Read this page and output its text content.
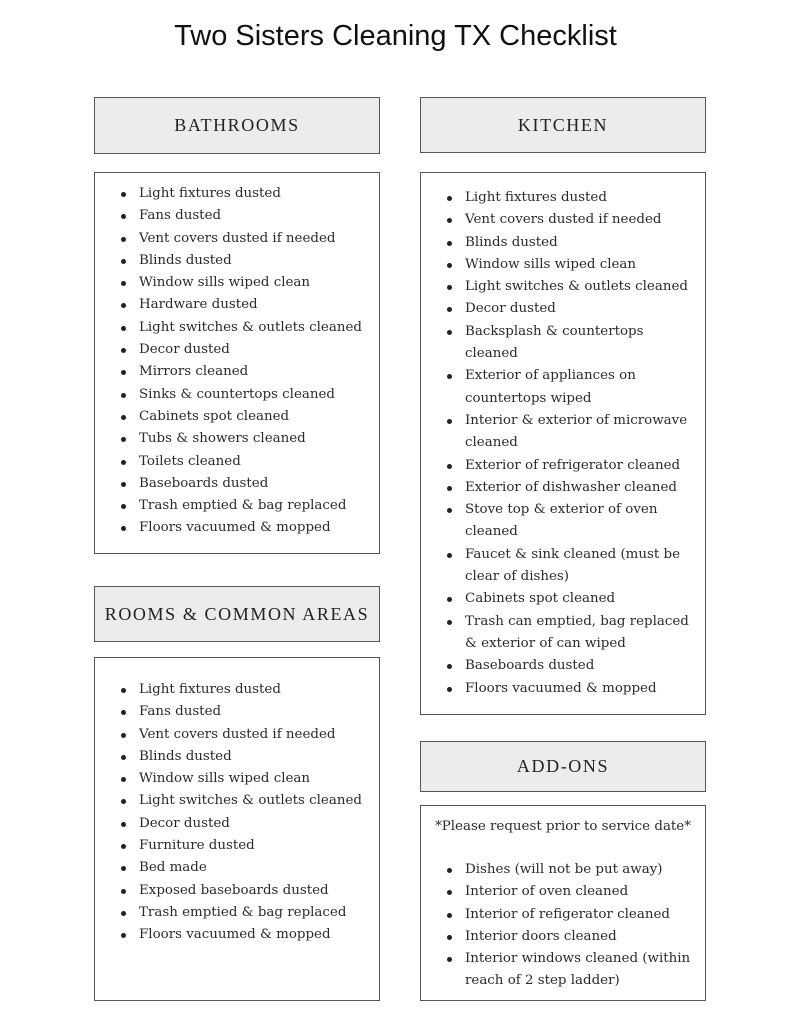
Two Sisters Cleaning TX Checklist
BATHROOMS
Light fixtures dusted
Fans dusted
Vent covers dusted if needed
Blinds dusted
Window sills wiped clean
Hardware dusted
Light switches & outlets cleaned
Decor dusted
Mirrors cleaned
Sinks & countertops cleaned
Cabinets spot cleaned
Tubs & showers cleaned
Toilets cleaned
Baseboards dusted
Trash emptied & bag replaced
Floors vacuumed & mopped
ROOMS & COMMON AREAS
Light fixtures dusted
Fans dusted
Vent covers dusted if needed
Blinds dusted
Window sills wiped clean
Light switches & outlets cleaned
Decor dusted
Furniture dusted
Bed made
Exposed baseboards dusted
Trash emptied & bag replaced
Floors vacuumed & mopped
KITCHEN
Light fixtures dusted
Vent covers dusted if needed
Blinds dusted
Window sills wiped clean
Light switches & outlets cleaned
Decor dusted
Backsplash & countertops cleaned
Exterior of appliances on countertops wiped
Interior & exterior of microwave cleaned
Exterior of refrigerator cleaned
Exterior of dishwasher cleaned
Stove top & exterior of oven cleaned
Faucet & sink cleaned (must be clear of dishes)
Cabinets spot cleaned
Trash can emptied, bag replaced & exterior of can wiped
Baseboards dusted
Floors vacuumed & mopped
ADD-ONS
*Please request prior to service date*
Dishes (will not be put away)
Interior of oven cleaned
Interior of refigerator cleaned
Interior doors cleaned
Interior windows cleaned (within reach of 2 step ladder)
